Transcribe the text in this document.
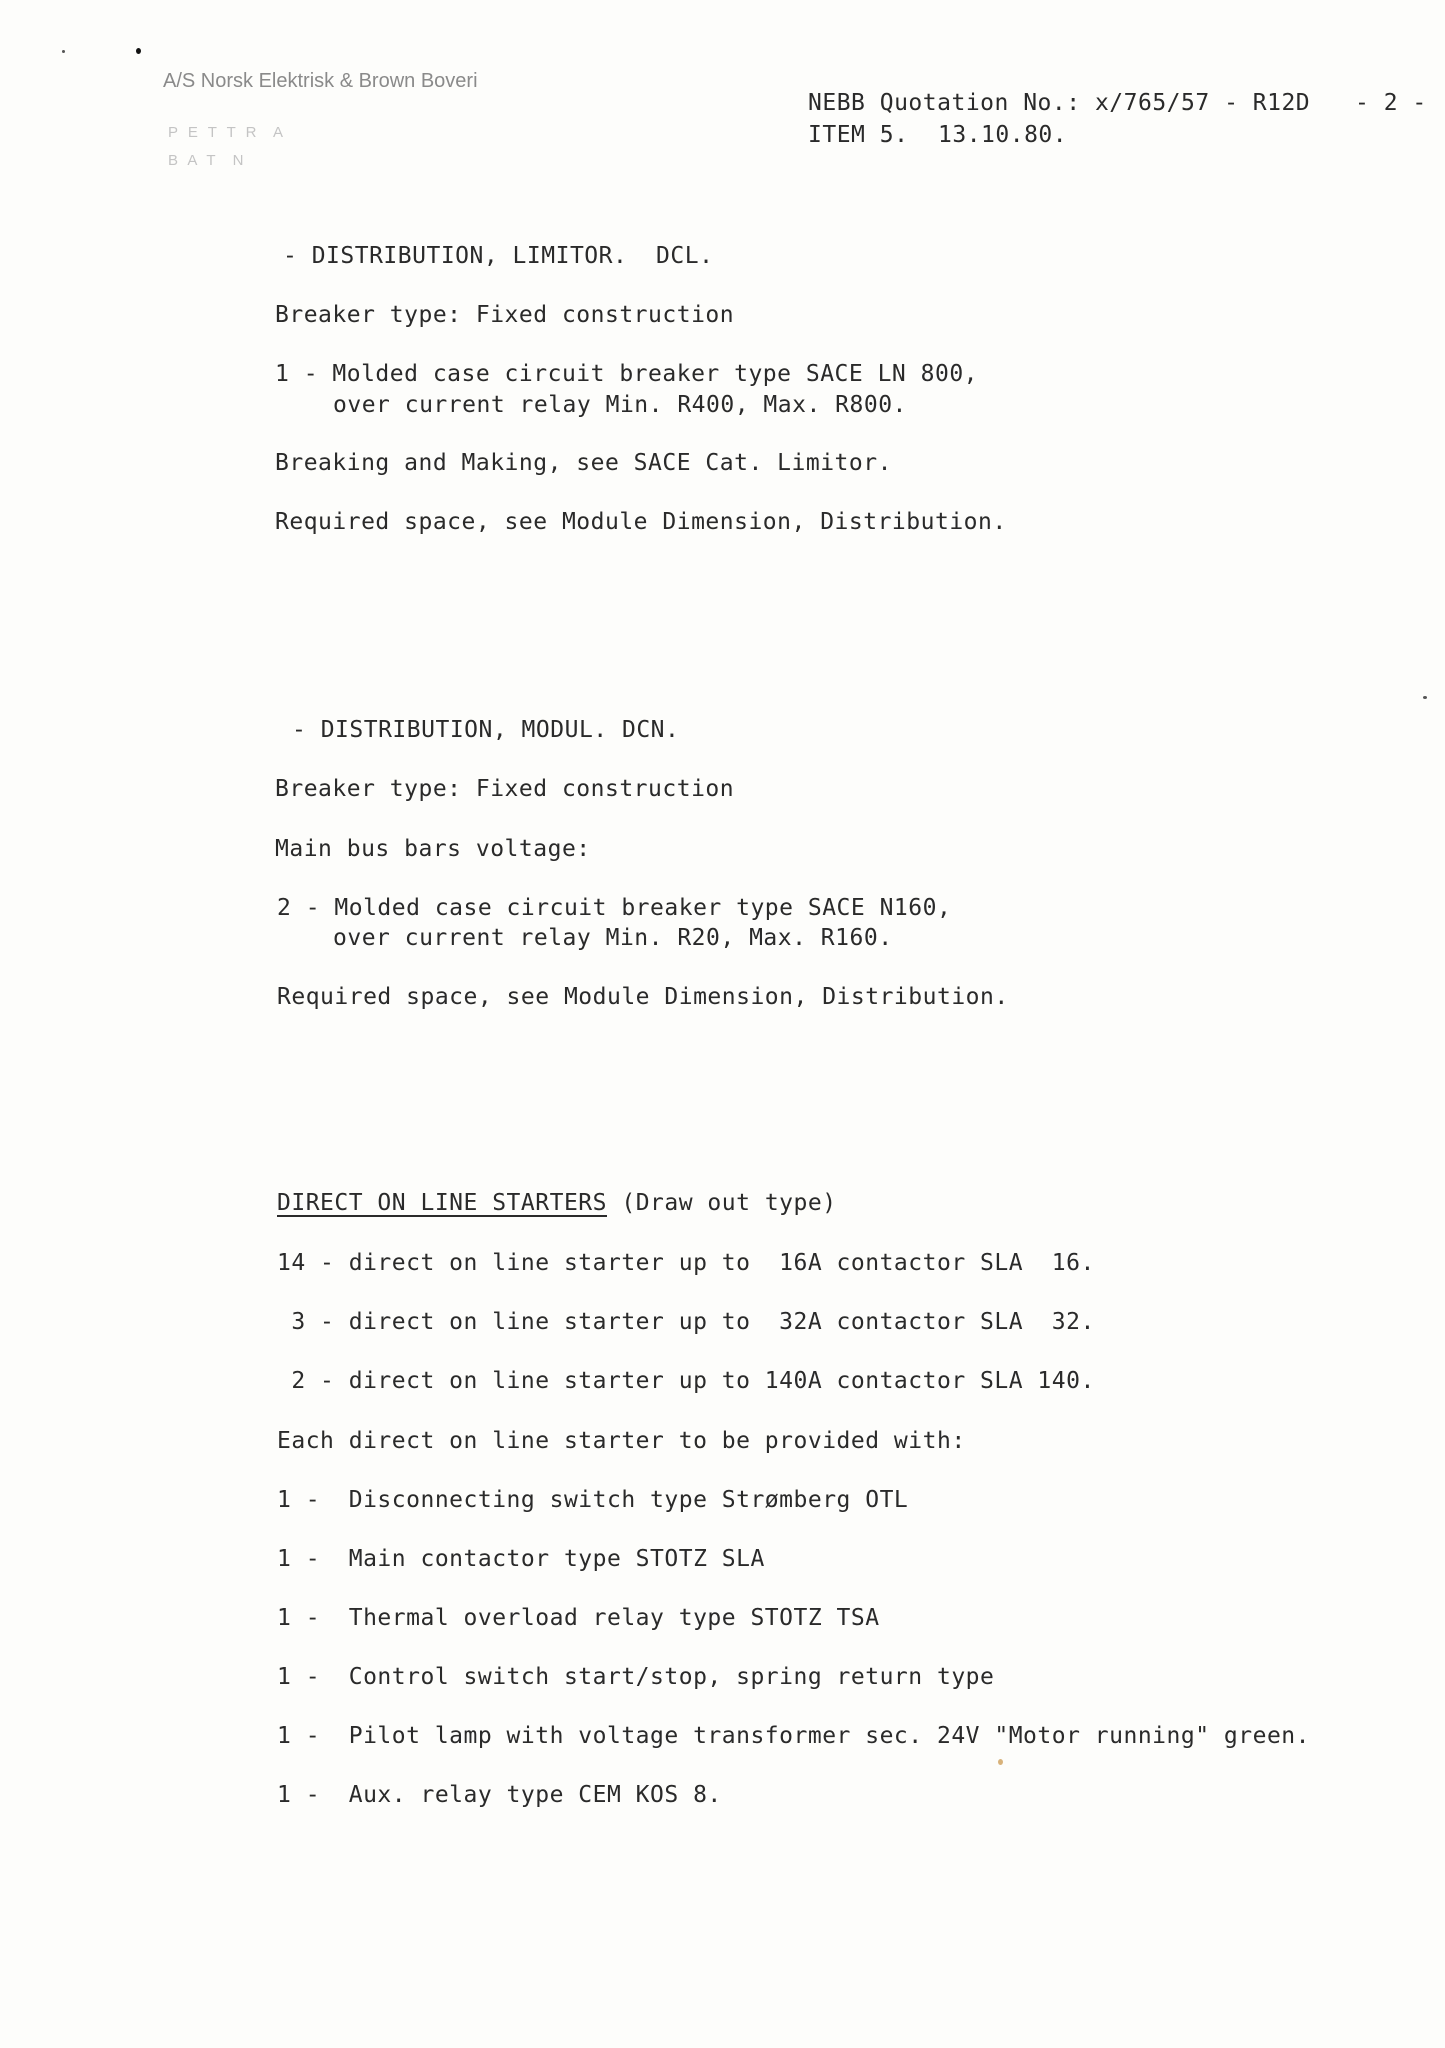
A/S Norsk Elektrisk & Brown Boveri
P E T T R  A
B A T  N
NEBB Quotation No.: x/765/57 - R12D - 2 -
ITEM 5. 13.10.80.
- DISTRIBUTION, LIMITOR.  DCL.
Breaker type: Fixed construction
1 - Molded case circuit breaker type SACE LN 800,
over current relay Min. R400, Max. R800.
Breaking and Making, see SACE Cat. Limitor.
Required space, see Module Dimension, Distribution.
- DISTRIBUTION, MODUL. DCN.
Breaker type: Fixed construction
Main bus bars voltage:
2 - Molded case circuit breaker type SACE N160,
over current relay Min. R20, Max. R160.
Required space, see Module Dimension, Distribution.
DIRECT ON LINE STARTERS (Draw out type)
14 - direct on line starter up to  16A contactor SLA  16.
3 - direct on line starter up to  32A contactor SLA  32.
2 - direct on line starter up to 140A contactor SLA 140.
Each direct on line starter to be provided with:
1 -  Disconnecting switch type Strømberg OTL
1 -  Main contactor type STOTZ SLA
1 -  Thermal overload relay type STOTZ TSA
1 -  Control switch start/stop, spring return type
1 -  Pilot lamp with voltage transformer sec. 24V "Motor running" green.
1 -  Aux. relay type CEM KOS 8.
